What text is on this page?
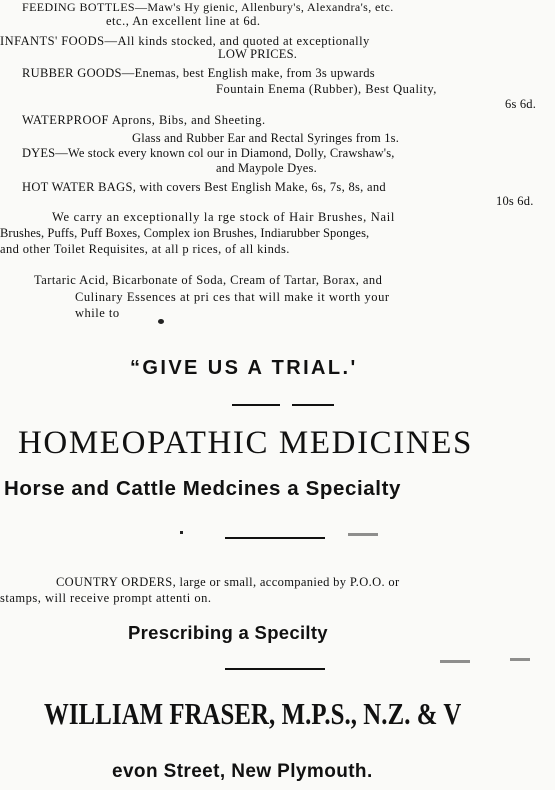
FEEDING BOTTLES—Maw's Hy gienic, Allenbury's, Alexandra's, etc.
etc., An excellent line at 6d.
INFANTS' FOODS—All kinds stocked, and quoted at exceptionally
LOW PRICES.
RUBBER GOODS—Enemas, best English make, from 3s upwards
Fountain Enema (Rubber), Best Quality,
6s 6d.
WATERPROOF Aprons, Bibs, and Sheeting.
Glass and Rubber Ear and Rectal Syringes from 1s.
DYES—We stock every known col our in Diamond, Dolly, Crawshaw's,
and Maypole Dyes.
HOT WATER BAGS, with covers Best English Make, 6s, 7s, 8s, and
10s 6d.
We carry an exceptionally la rge stock of Hair Brushes, Nail
Brushes, Puffs, Puff Boxes, Complex ion Brushes, Indiarubber Sponges,
and other Toilet Requisites, at all p rices, of all kinds.
Tartaric Acid, Bicarbonate of Soda, Cream of Tartar, Borax, and
Culinary Essences at pri ces that will make it worth your
while to
“GIVE US A TRIAL.'
HOMEOPATHIC MEDICINES
Horse and Cattle Medcines a Specialty
COUNTRY ORDERS, large or small, accompanied by P.O.O. or
stamps, will receive prompt attenti on.
Prescribing a Specilty
WILLIAM FRASER, M.P.S., N.Z. & V
evon Street, New Plymouth.
